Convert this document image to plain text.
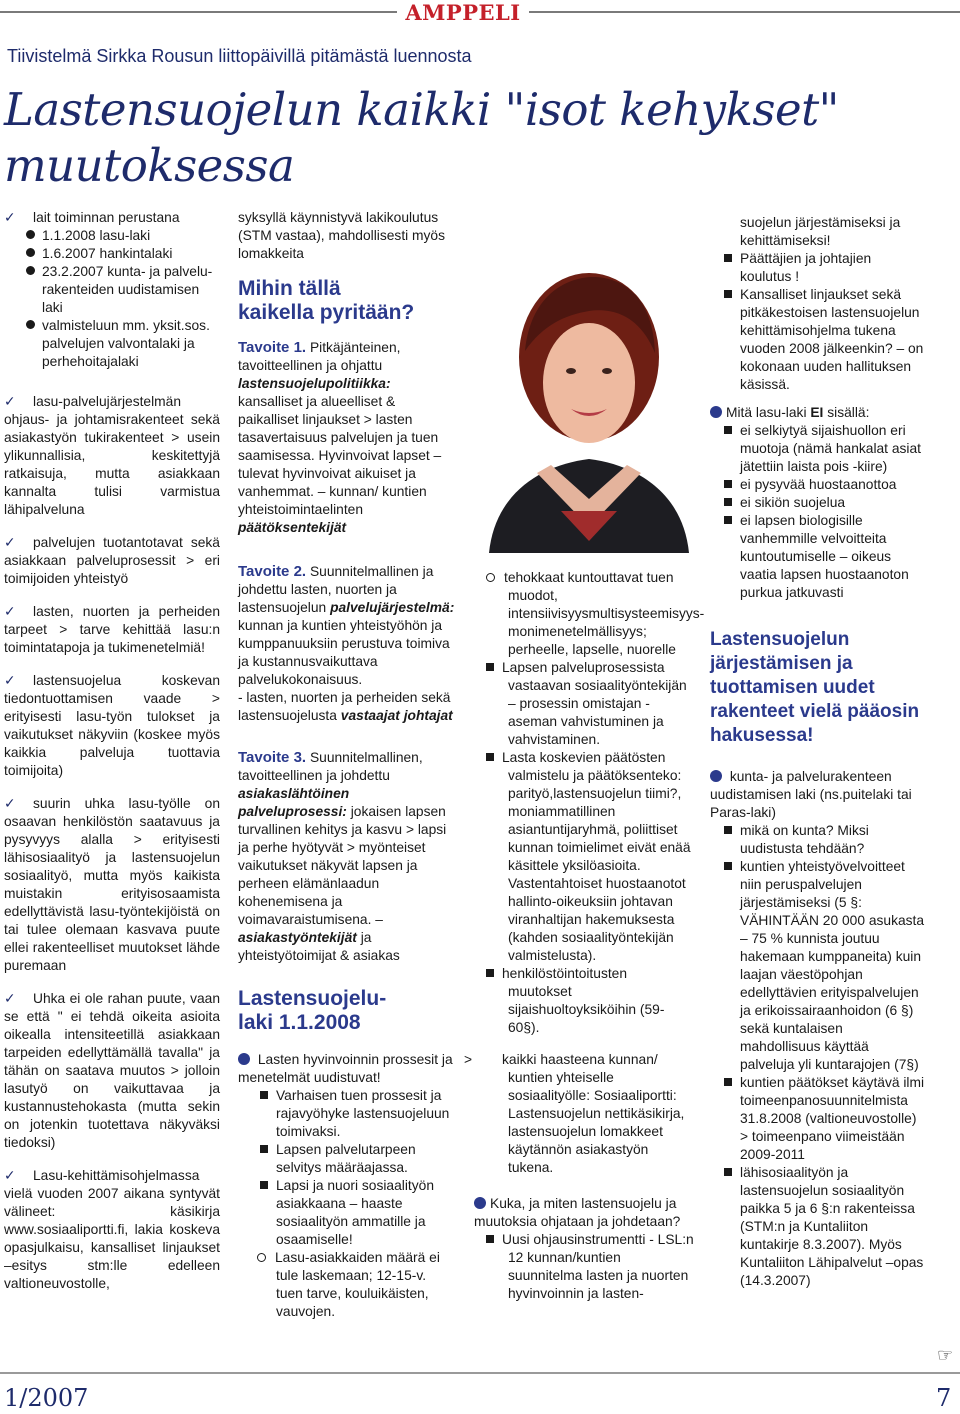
AMPPELI
Tiivistelmä Sirkka Rousun liittopäivillä pitämästä luennosta
Lastensuojelun kaikki "isot kehykset"
muutoksessa

✓ lait toiminnan perustana

1.1.2008 lasu-laki

1.6.2007 hankintalaki

23.2.2007 kunta- ja palvelu-

rakenteiden uudistamisen

laki

valmisteluun mm. yksit.sos.

palvelujen valvontalaki ja

perhehoitajalaki

✓ lasu-palvelujärjestelmän ohjaus- ja johtamisrakenteet sekä asiakastyön tukirakenteet > usein ylikunnallisia, keskitettyjä ratkaisuja, mutta asiakkaan kannalta tulisi varmistua lähipalveluna

✓ palvelujen tuotantotavat sekä asiakkaan palveluprosessit > eri toimijoiden yhteistyö

✓ lasten, nuorten ja perheiden tarpeet > tarve kehittää lasu:n toimintatapoja ja tukimenetelmiä!

✓ lastensuojelua koskevan tiedontuottamisen vaade > erityisesti lasu-työn tulokset ja vaikutukset näkyviin (koskee myös kaikkia palveluja tuottavia toimijoita)

✓ suurin uhka lasu-työlle on osaavan henkilöstön saatavuus ja pysyvyys alalla > erityisesti lähisosiaalityö ja lastensuojelun sosiaalityö, mutta myös kaikista muistakin erityisosaamista edellyttävistä lasu-työntekijöistä on tai tulee olemaan kasvava puute ellei rakenteelliset muutokset lähde puremaan

✓ Uhka ei ole rahan puute, vaan se että " ei tehdä oikeita asioita oikealla intensiteetillä asiakkaan tarpeiden edellyttämällä tavalla" ja tähän on saatava muutos > jolloin lasutyö on vaikuttavaa ja kustannustehokasta (mutta sekin on jotenkin tuotettava näkyväksi tiedoksi)

✓ Lasu-kehittämisohjelmassa vielä vuoden 2007 aikana syntyvät välineet: käsikirja www.sosiaaliportti.fi, lakia koskeva opasjulkaisu, kansalliset linjaukset –esitys stm:lle edelleen valtioneuvostolle,

syksyllä käynnistyvä lakikoulutus (STM vastaa), mahdollisesti myös lomakkeita

Mihin tällä
kaikella pyritään?

Tavoite 1. Pitkäjänteinen, tavoitteellinen ja ohjattu lastensuojelupolitiikka: kansalliset ja alueelliset & paikalliset linjaukset > lasten tasavertaisuus palvelujen ja tuen saamisessa. Hyvinvoivat lapset – tulevat hyvinvoivat aikuiset ja vanhemmat. – kunnan/ kuntien yhteistoimintaelinten päätöksentekijät

Tavoite 2. Suunnitelmallinen ja johdettu lasten, nuorten ja lastensuojelun palvelujärjestelmä: kunnan ja kuntien yhteistyöhön ja kumppanuuksiin perustuva toimiva ja kustannusvaikuttava palvelukokonaisuus.

- lasten, nuorten ja perheiden sekä lastensuojelusta vastaajat johtajat

Tavoite 3. Suunnitelmallinen, tavoitteellinen ja johdettu asiakaslähtöinen palveluprosessi: jokaisen lapsen turvallinen kehitys ja kasvu > lapsi ja perhe hyötyvät > myönteiset vaikutukset näkyvät lapsen ja perheen elämänlaadun kohenemisena ja voimavaraistumisena. – asiakastyöntekijät ja yhteistyötoimijat & asiakas

Lastensuojelu-
laki 1.1.2008

Lasten hyvinvoinnin prossesit ja menetelmät uudistuvat!

Varhaisen tuen prossesit ja rajavyöhyke lastensuojeluun toimivaksi.

Lapsen palvelutarpeen selvitys määräajassa.

Lapsi ja nuori sosiaalityön asiakkaana – haaste sosiaalityön ammatille ja osaamiselle!

Lasu-asiakkaiden määrä ei tule laskemaan; 12-15-v. tuen tarve, kouluikäisten, vauvojen.

tehokkaat kuntouttavat tuen muodot, intensiivisyysmultisysteemisyys-monimenetelmällisyys; perheelle, lapselle, nuorelle

Lapsen palveluprosessista vastaavan sosiaalityöntekijän – prosessin omistajan - aseman vahvistuminen ja vahvistaminen.

Lasta koskevien päätösten valmistelu ja päätöksenteko: parityö,lastensuojelun tiimi?, moniammatillinen asiantuntijaryhmä, poliittiset kunnan toimielimet eivät enää käsittele yksilöasioita. Vastentahtoiset huostaanotot hallinto-oikeuksiin johtavan viranhaltijan hakemuksesta (kahden sosiaalityöntekijän valmistelusta).

henkilöstöintoitusten muutokset sijaishuoltoyksiköihin (59-60§).

> kaikki haasteena kunnan/ kuntien yhteiselle sosiaalityölle: Sosiaaliportti: Lastensuojelun nettikäsikirja, lastensuojelun lomakkeet käytännön asiakastyön tukena.

Kuka, ja miten lastensuojelu ja muutoksia ohjataan ja johdetaan?

Uusi ohjausinstrumentti - LSL:n 12 kunnan/kuntien suunnitelma lasten ja nuorten hyvinvoinnin ja lasten-

suojelun järjestämiseksi ja kehittämiseksi!

Päättäjien ja johtajien koulutus !

Kansalliset linjaukset sekä pitkäkestoisen lastensuojelun kehittämisohjelma tukena vuoden 2008 jälkeenkin? – on kokonaan uuden hallituksen käsissä.

Mitä lasu-laki EI sisällä:

ei selkiytyä sijaishuollon eri muotoja (nämä hankalat asiat jätettiin laista pois -kiire)

ei pysyvää huostaanottoa

ei sikiön suojelua

ei lapsen biologisille vanhemmille velvoitteita kuntoutumiselle – oikeus vaatia lapsen huostaanoton purkua jatkuvasti

Lastensuojelun järjestämisen ja tuottamisen uudet rakenteet vielä pääosin hakusessa!

kunta- ja palvelurakenteen uudistamisen laki (ns.puitelaki tai Paras-laki)

mikä on kunta? Miksi uudistusta tehdään?

kuntien yhteistyövelvoitteet niin peruspalvelujen järjestämiseksi (5 §: VÄHINTÄÄN 20 000 asukasta – 75 % kunnista joutuu hakemaan kumppaneita) kuin laajan väestöpohjan edellyttävien erityispalvelujen ja erikoissairaanhoidon (6 §) sekä kuntalaisen mahdollisuus käyttää palveluja yli kuntarajojen (7§)

kuntien päätökset käytävä ilmi toimeenpanosuunnitelmista 31.8.2008 (valtioneuvostolle) > toimeenpano viimeistään 2009-2011

lähisosiaalityön ja lastensuojelun sosiaalityön paikka 5 ja 6 §:n rakenteissa (STM:n ja Kuntaliiton kuntakirje 8.3.2007). Myös Kuntaliiton Lähipalvelut –opas (14.3.2007)

☞
1/2007	7
